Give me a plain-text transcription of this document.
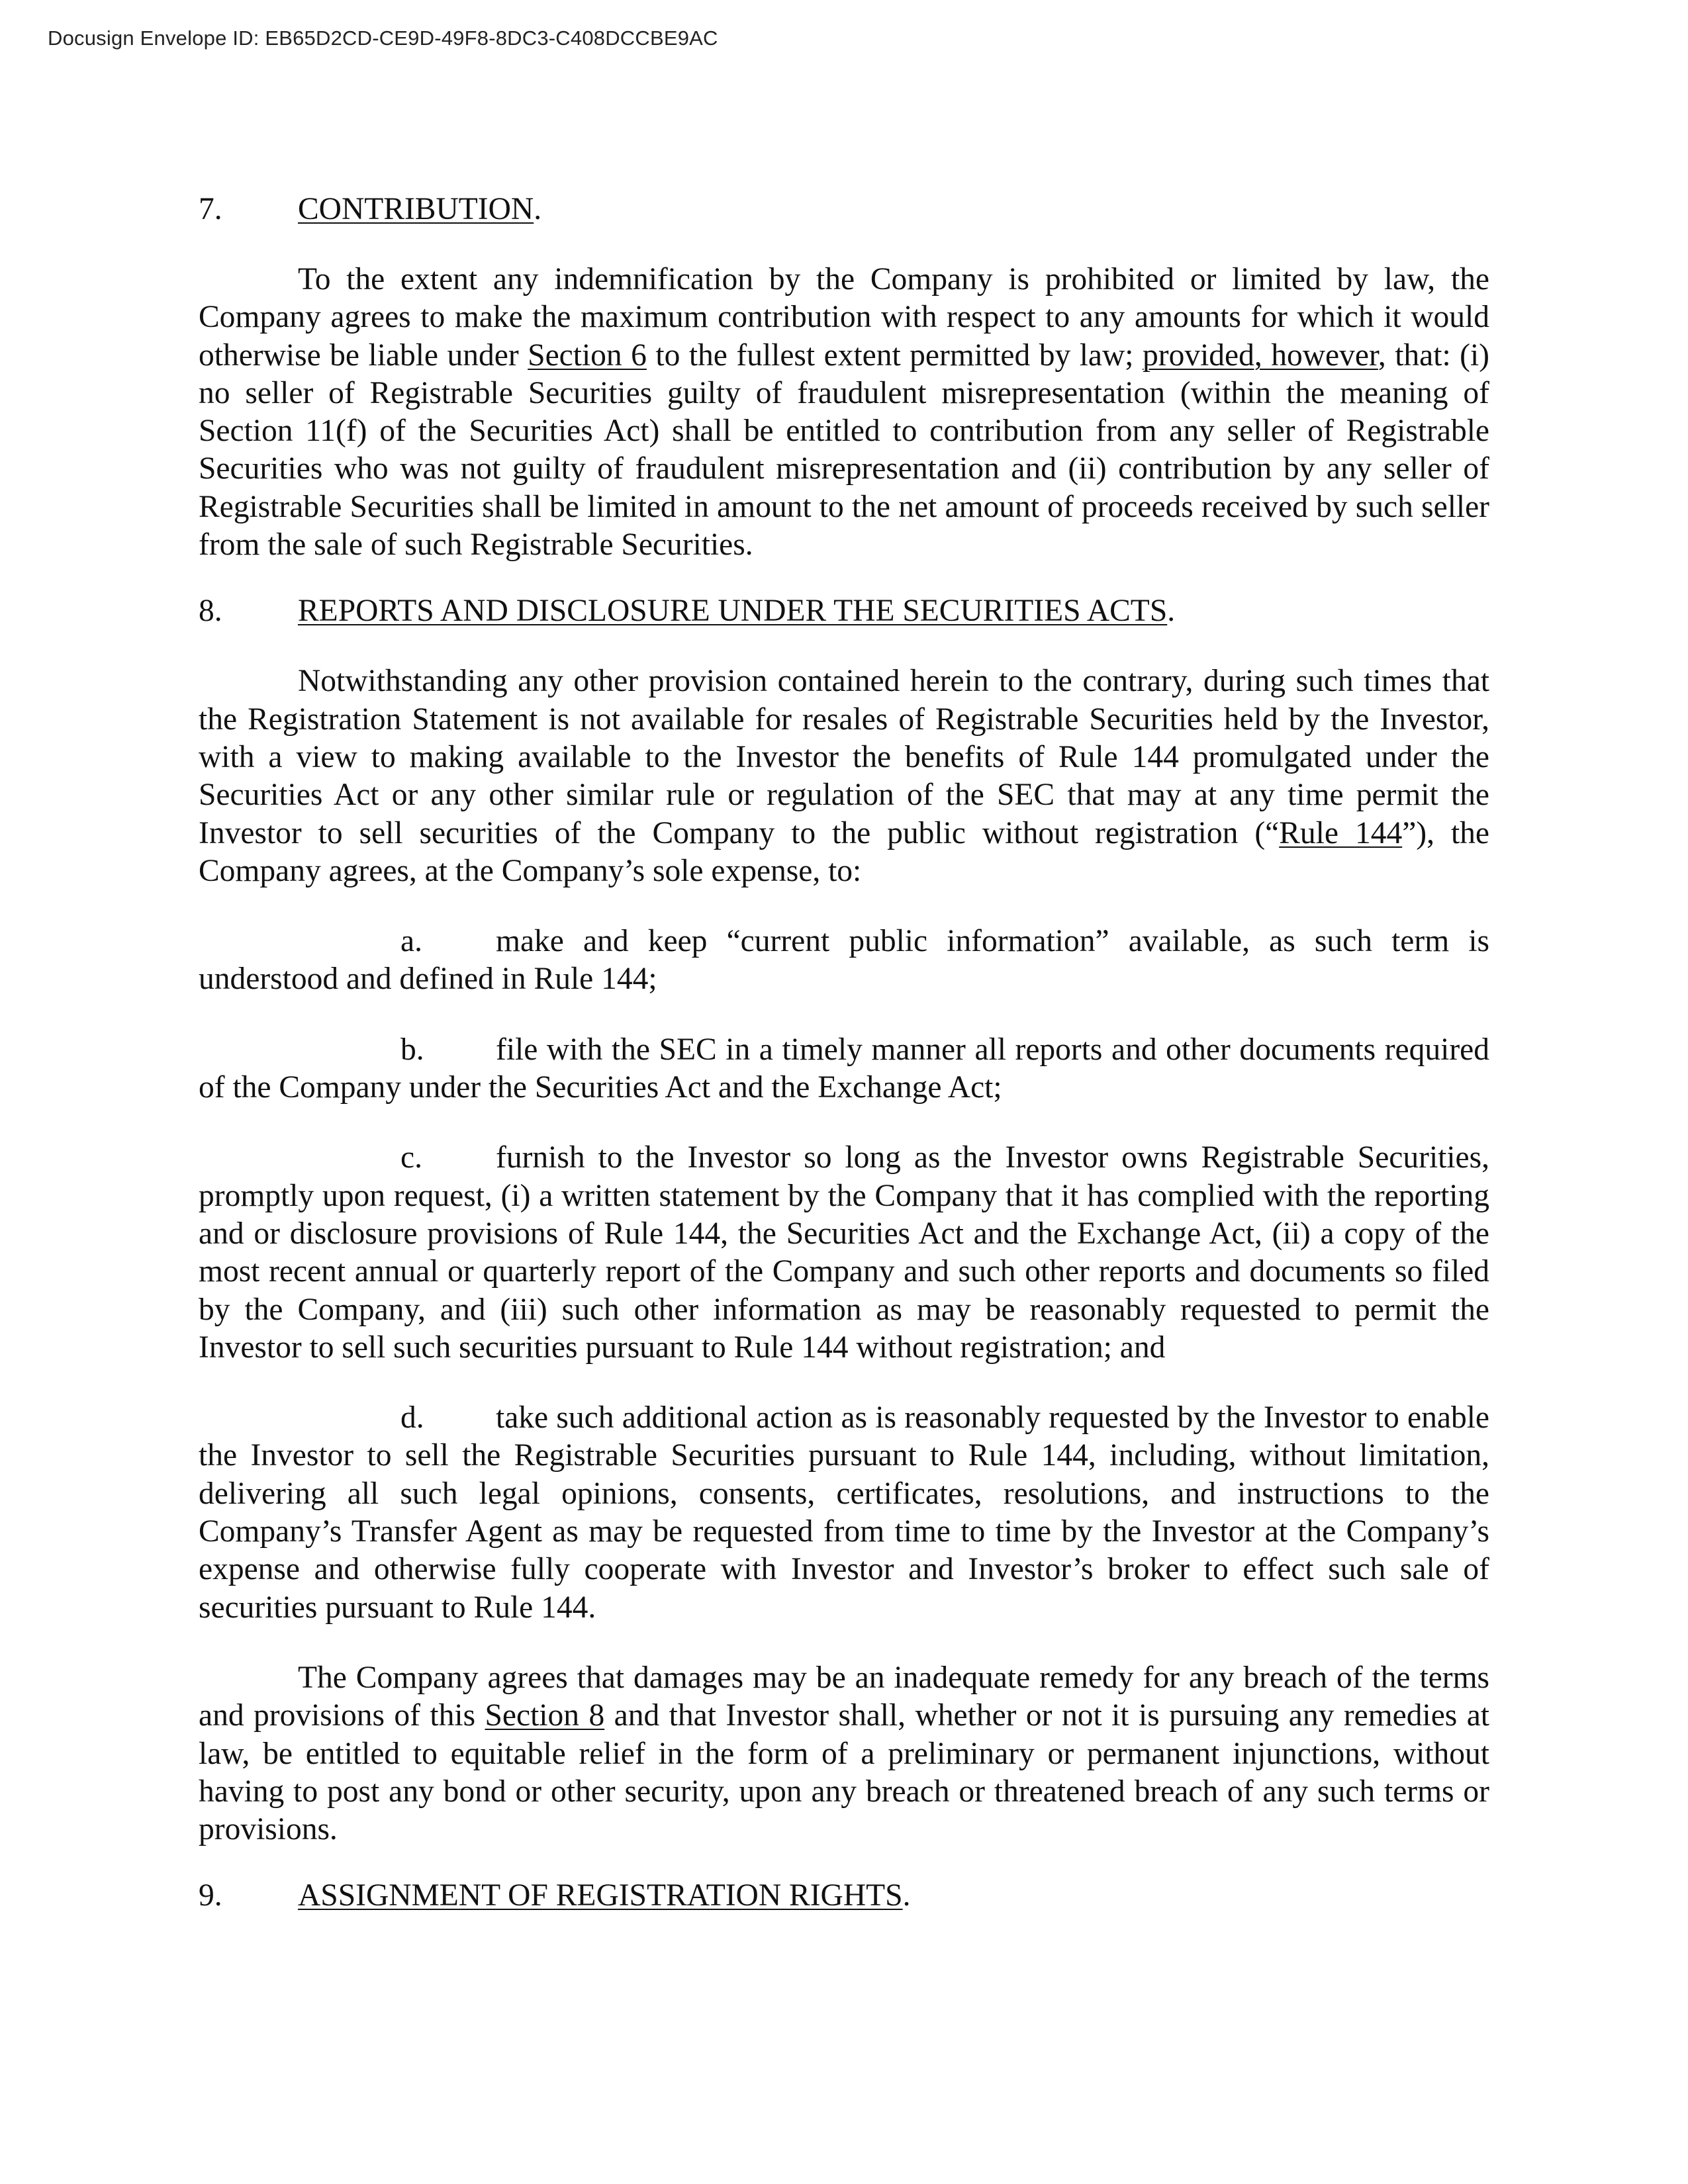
Docusign Envelope ID: EB65D2CD-CE9D-49F8-8DC3-C408DCCBE9AC
7. CONTRIBUTION.

To the extent any indemnification by the Company is prohibited or limited by law, the Company agrees to make the maximum contribution with respect to any amounts for which it would otherwise be liable under Section 6 to the fullest extent permitted by law; provided, however, that: (i) no seller of Registrable Securities guilty of fraudulent misrepresentation (within the meaning of Section 11(f) of the Securities Act) shall be entitled to contribution from any seller of Registrable Securities who was not guilty of fraudulent misrepresentation and (ii) contribution by any seller of Registrable Securities shall be limited in amount to the net amount of proceeds received by such seller from the sale of such Registrable Securities.

8. REPORTS AND DISCLOSURE UNDER THE SECURITIES ACTS.

Notwithstanding any other provision contained herein to the contrary, during such times that the Registration Statement is not available for resales of Registrable Securities held by the Investor, with a view to making available to the Investor the benefits of Rule 144 promulgated under the Securities Act or any other similar rule or regulation of the SEC that may at any time permit the Investor to sell securities of the Company to the public without registration (“Rule 144”), the Company agrees, at the Company’s sole expense, to:

a. make and keep “current public information” available, as such term is understood and defined in Rule 144;

b. file with the SEC in a timely manner all reports and other documents required of the Company under the Securities Act and the Exchange Act;

c. furnish to the Investor so long as the Investor owns Registrable Securities, promptly upon request, (i) a written statement by the Company that it has complied with the reporting and or disclosure provisions of Rule 144, the Securities Act and the Exchange Act, (ii) a copy of the most recent annual or quarterly report of the Company and such other reports and documents so filed by the Company, and (iii) such other information as may be reasonably requested to permit the Investor to sell such securities pursuant to Rule 144 without registration; and

d. take such additional action as is reasonably requested by the Investor to enable the Investor to sell the Registrable Securities pursuant to Rule 144, including, without limitation, delivering all such legal opinions, consents, certificates, resolutions, and instructions to the Company’s Transfer Agent as may be requested from time to time by the Investor at the Company’s expense and otherwise fully cooperate with Investor and Investor’s broker to effect such sale of securities pursuant to Rule 144.

The Company agrees that damages may be an inadequate remedy for any breach of the terms and provisions of this Section 8 and that Investor shall, whether or not it is pursuing any remedies at law, be entitled to equitable relief in the form of a preliminary or permanent injunctions, without having to post any bond or other security, upon any breach or threatened breach of any such terms or provisions.

9. ASSIGNMENT OF REGISTRATION RIGHTS.
